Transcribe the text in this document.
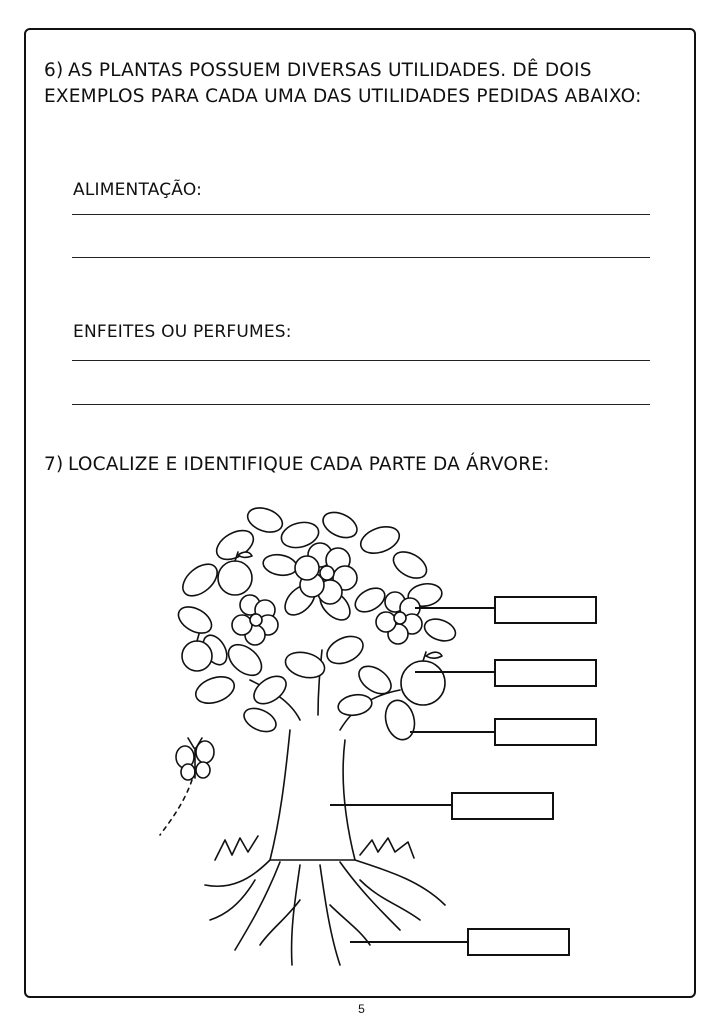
6) AS PLANTAS POSSUEM DIVERSAS UTILIDADES. DÊ DOIS EXEMPLOS PARA CADA UMA DAS UTILIDADES PEDIDAS ABAIXO:
ALIMENTAÇÃO:
ENFEITES OU PERFUMES:
7) LOCALIZE E IDENTIFIQUE CADA PARTE DA ÁRVORE:
5
